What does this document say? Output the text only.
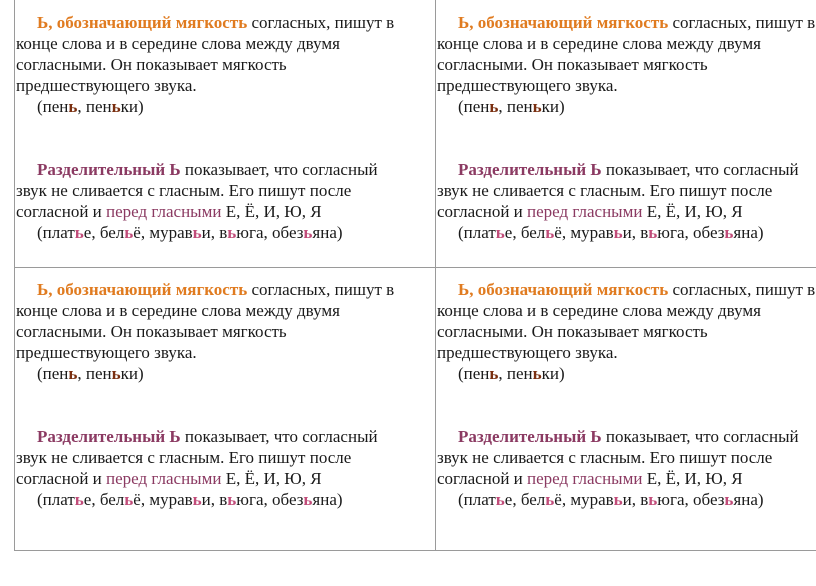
Ь, обозначающий мягкость согласных, пишут в

конце слова и в середине слова между двумя

согласными. Он показывает мягкость

предшествующего звука.

(пень, пеньки)

Разделительный Ь показывает, что согласный

звук не сливается с гласным. Его пишут после

согласной и перед гласными Е, Ё, И, Ю, Я

(платье, бельё, муравьи, вьюга, обезьяна)

Ь, обозначающий мягкость согласных, пишут в

конце слова и в середине слова между двумя

согласными. Он показывает мягкость

предшествующего звука.

(пень, пеньки)

Разделительный Ь показывает, что согласный

звук не сливается с гласным. Его пишут после

согласной и перед гласными Е, Ё, И, Ю, Я

(платье, бельё, муравьи, вьюга, обезьяна)

Ь, обозначающий мягкость согласных, пишут в

конце слова и в середине слова между двумя

согласными. Он показывает мягкость

предшествующего звука.

(пень, пеньки)

Разделительный Ь показывает, что согласный

звук не сливается с гласным. Его пишут после

согласной и перед гласными Е, Ё, И, Ю, Я

(платье, бельё, муравьи, вьюга, обезьяна)

Ь, обозначающий мягкость согласных, пишут в

конце слова и в середине слова между двумя

согласными. Он показывает мягкость

предшествующего звука.

(пень, пеньки)

Разделительный Ь показывает, что согласный

звук не сливается с гласным. Его пишут после

согласной и перед гласными Е, Ё, И, Ю, Я

(платье, бельё, муравьи, вьюга, обезьяна)
